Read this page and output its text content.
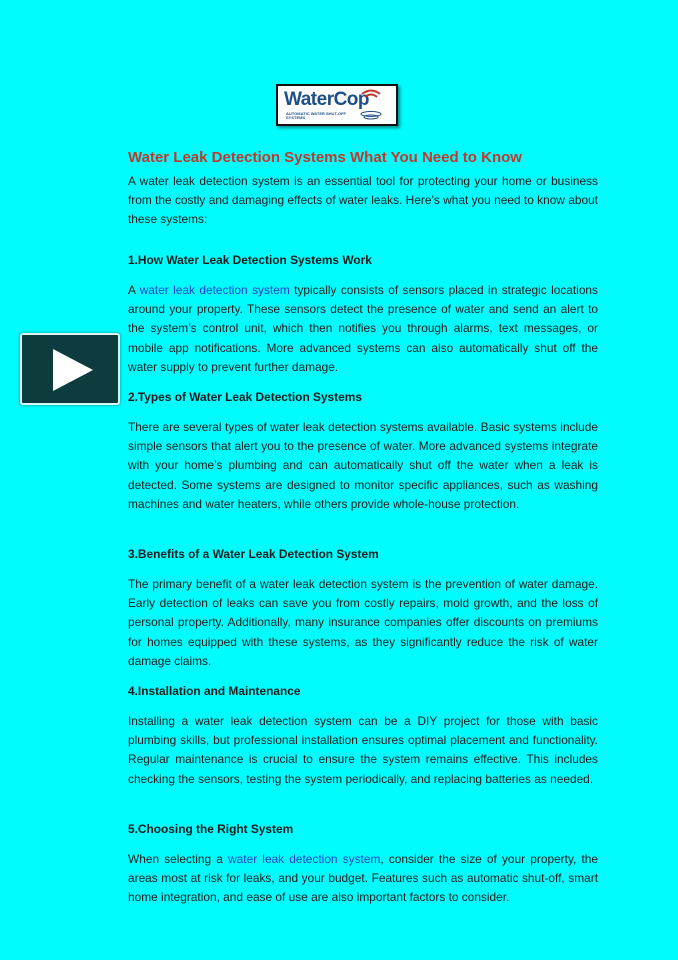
WaterCop
AUTOMATIC WATER SHUT-OFF SYSTEMS
Water Leak Detection Systems What You Need to Know

A water leak detection system is an essential tool for protecting your home or business from the costly and damaging effects of water leaks. Here’s what you need to know about these systems:

1.How Water Leak Detection Systems Work

A water leak detection system typically consists of sensors placed in strategic locations around your property. These sensors detect the presence of water and send an alert to the system’s control unit, which then notifies you through alarms, text messages, or mobile app notifications. More advanced systems can also automatically shut off the water supply to prevent further damage.

2.Types of Water Leak Detection Systems

There are several types of water leak detection systems available. Basic systems include simple sensors that alert you to the presence of water. More advanced systems integrate with your home’s plumbing and can automatically shut off the water when a leak is detected. Some systems are designed to monitor specific appliances, such as washing machines and water heaters, while others provide whole-house protection.

3.Benefits of a Water Leak Detection System

The primary benefit of a water leak detection system is the prevention of water damage. Early detection of leaks can save you from costly repairs, mold growth, and the loss of personal property. Additionally, many insurance companies offer discounts on premiums for homes equipped with these systems, as they significantly reduce the risk of water damage claims.

4.Installation and Maintenance

Installing a water leak detection system can be a DIY project for those with basic plumbing skills, but professional installation ensures optimal placement and functionality. Regular maintenance is crucial to ensure the system remains effective. This includes checking the sensors, testing the system periodically, and replacing batteries as needed.

5.Choosing the Right System

When selecting a water leak detection system, consider the size of your property, the areas most at risk for leaks, and your budget. Features such as automatic shut-off, smart home integration, and ease of use are also important factors to consider.
